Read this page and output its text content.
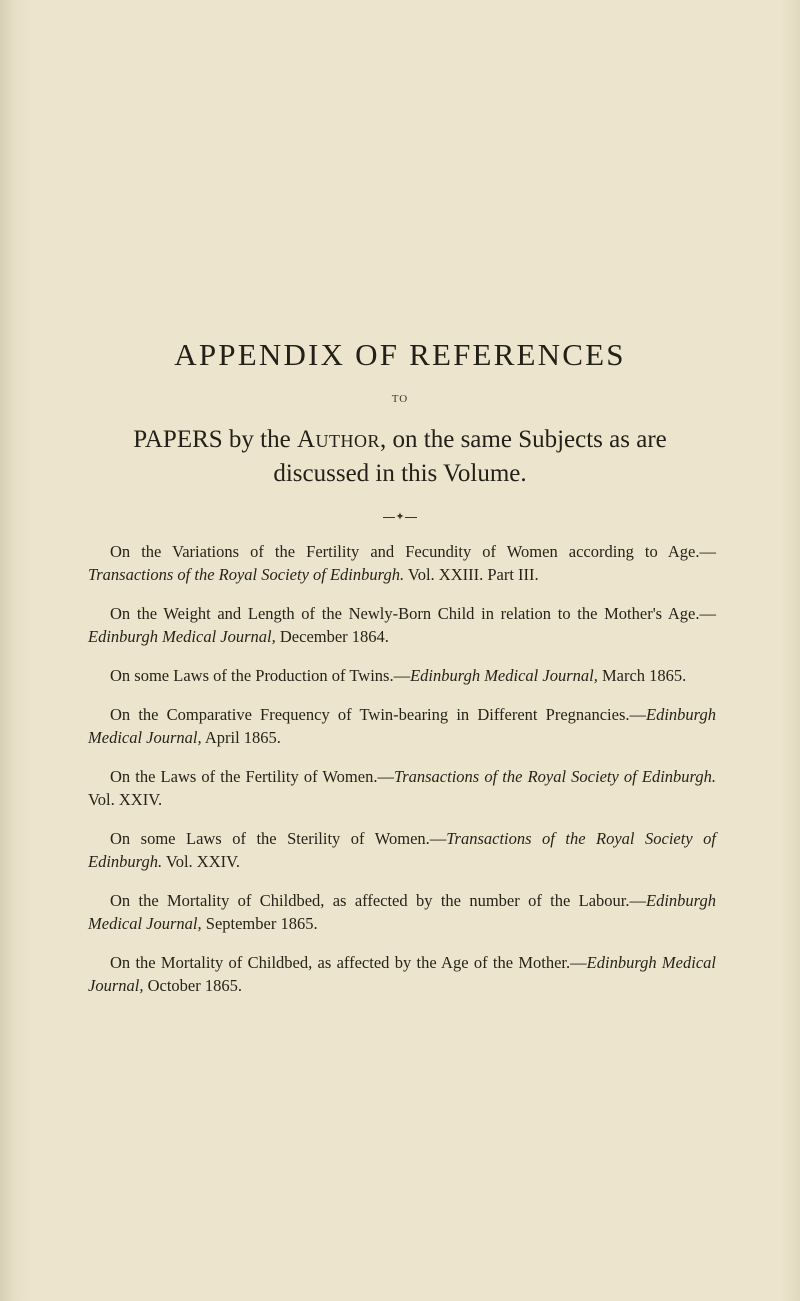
APPENDIX OF REFERENCES
TO
PAPERS by the Author, on the same Subjects as are discussed in this Volume.
✦

On the Variations of the Fertility and Fecundity of Women according to Age.—Transactions of the Royal Society of Edinburgh. Vol. XXIII. Part III.

On the Weight and Length of the Newly-Born Child in relation to the Mother's Age.—Edinburgh Medical Journal, December 1864.

On some Laws of the Production of Twins.—Edinburgh Medical Journal, March 1865.

On the Comparative Frequency of Twin-bearing in Different Pregnancies.—Edinburgh Medical Journal, April 1865.

On the Laws of the Fertility of Women.—Transactions of the Royal Society of Edinburgh. Vol. XXIV.

On some Laws of the Sterility of Women.—Transactions of the Royal Society of Edinburgh. Vol. XXIV.

On the Mortality of Childbed, as affected by the number of the Labour.—Edinburgh Medical Journal, September 1865.

On the Mortality of Childbed, as affected by the Age of the Mother.—Edinburgh Medical Journal, October 1865.
